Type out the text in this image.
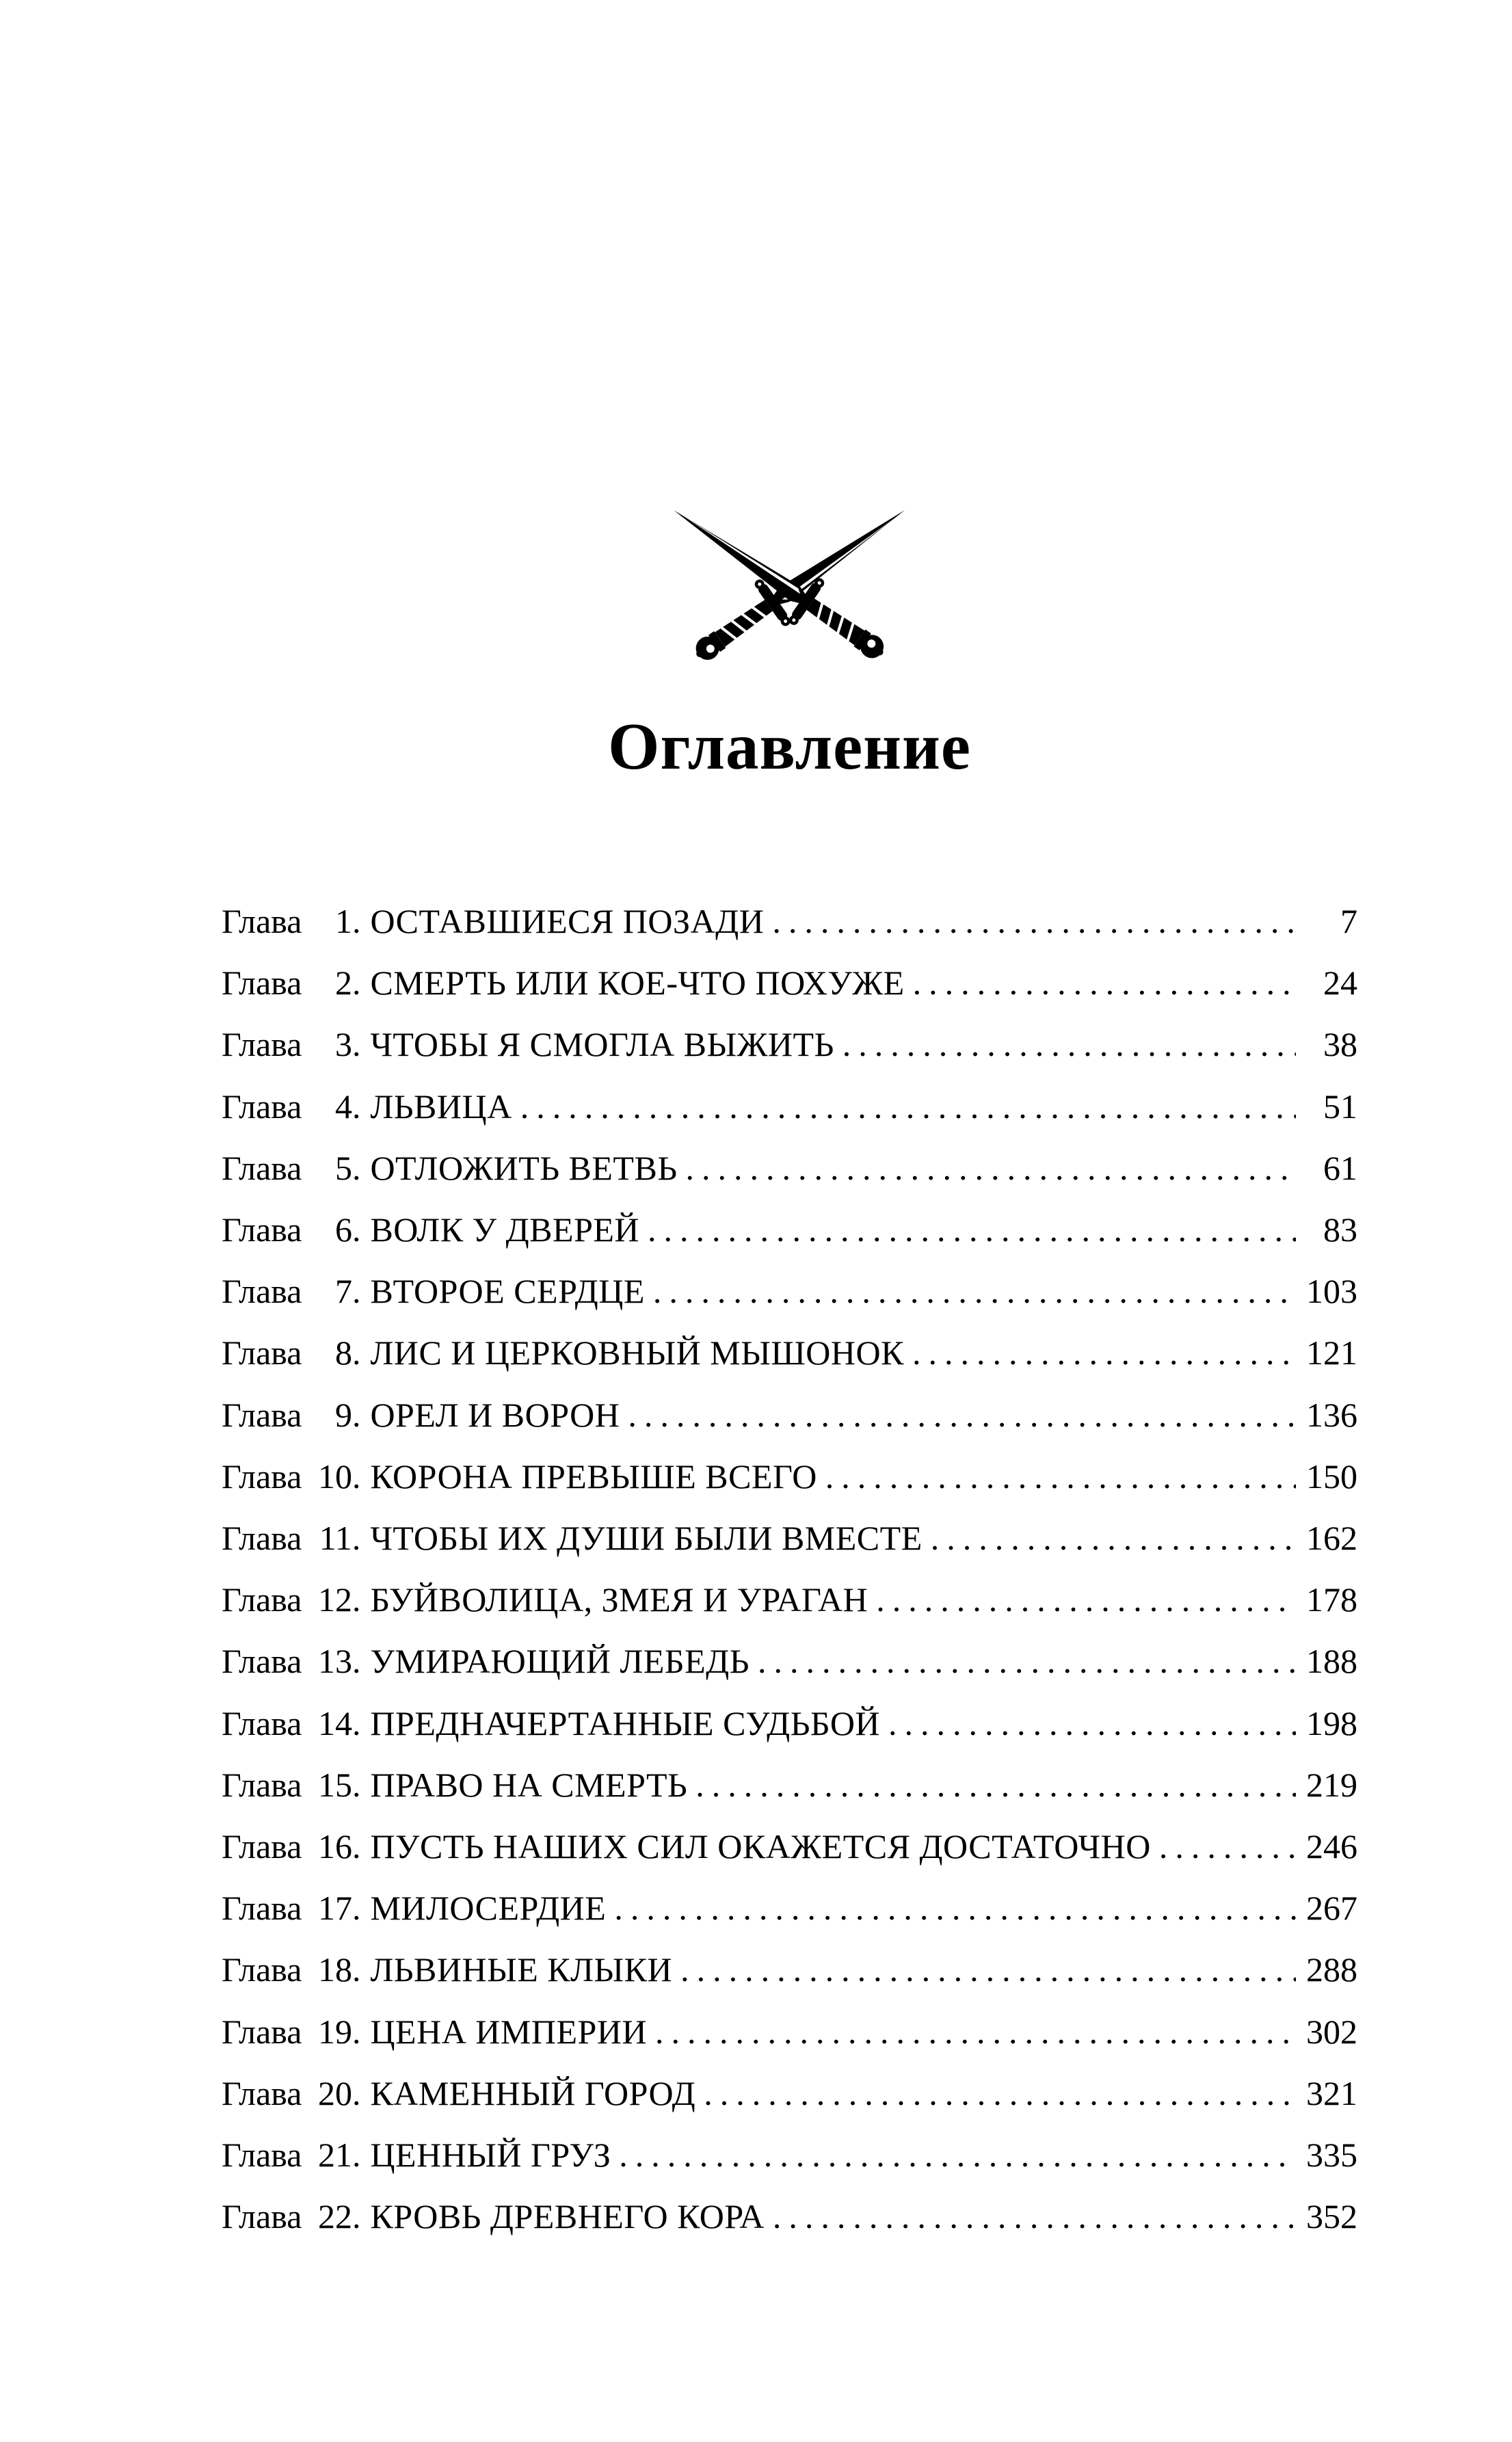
Оглавление
Глава 1. ОСТАВШИЕСЯ ПОЗАДИ .....	7
Глава 2. СМЕРТЬ ИЛИ КОЕ-ЧТО ПОХУЖЕ .....	24
Глава 3. ЧТОБЫ Я СМОГЛА ВЫЖИТЬ .....	38
Глава 4. ЛЬВИЦА .....	51
Глава 5. ОТЛОЖИТЬ ВЕТВЬ .....	61
Глава 6. ВОЛК У ДВЕРЕЙ .....	83
Глава 7. ВТОРОЕ СЕРДЦЕ .....	103
Глава 8. ЛИС И ЦЕРКОВНЫЙ МЫШОНОК .....	121
Глава 9. ОРЕЛ И ВОРОН .....	136
Глава 10. КОРОНА ПРЕВЫШЕ ВСЕГО .....	150
Глава 11. ЧТОБЫ ИХ ДУШИ БЫЛИ ВМЕСТЕ .....	162
Глава 12. БУЙВОЛИЦА, ЗМЕЯ И УРАГАН .....	178
Глава 13. УМИРАЮЩИЙ ЛЕБЕДЬ .....	188
Глава 14. ПРЕДНАЧЕРТАННЫЕ СУДЬБОЙ .....	198
Глава 15. ПРАВО НА СМЕРТЬ .....	219
Глава 16. ПУСТЬ НАШИХ СИЛ ОКАЖЕТСЯ ДОСТАТОЧНО .....	246
Глава 17. МИЛОСЕРДИЕ .....	267
Глава 18. ЛЬВИНЫЕ КЛЫКИ .....	288
Глава 19. ЦЕНА ИМПЕРИИ .....	302
Глава 20. КАМЕННЫЙ ГОРОД .....	321
Глава 21. ЦЕННЫЙ ГРУЗ .....	335
Глава 22. КРОВЬ ДРЕВНЕГО КОРА .....	352
